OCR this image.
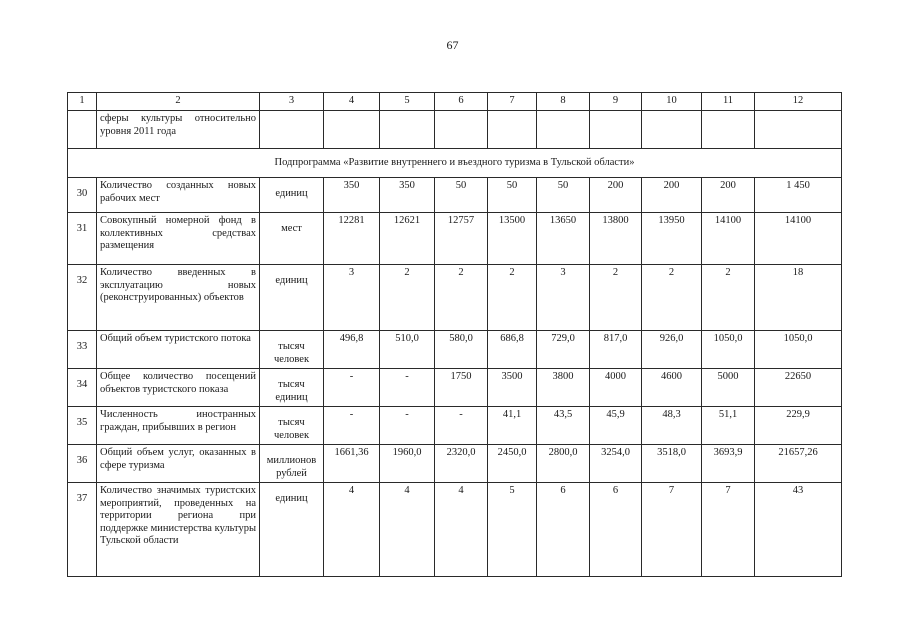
67
1	2	3	4	5	6	7	8	9	10	11	12
	сферы культуры относительно уровня 2011 года										
Подпрограмма «Развитие внутреннего и въездного туризма в Тульской области»											
30	Количество созданных новых рабочих мест	единиц	350	350	50	50	50	200	200	200	1 450
31	Совокупный номерной фонд в коллективных средствах размещения	мест	12281	12621	12757	13500	13650	13800	13950	14100	14100
32	Количество введенных в эксплуатацию новых (реконструированных) объектов	единиц	3	2	2	2	3	2	2	2	18
33	Общий объем туристского потока	тысяч человек	496,8	510,0	580,0	686,8	729,0	817,0	926,0	1050,0	1050,0
34	Общее количество посещений объектов туристского показа	тысяч единиц	-	-	1750	3500	3800	4000	4600	5000	22650
35	Численность иностранных граждан, прибывших в регион	тысяч человек	-	-	-	41,1	43,5	45,9	48,3	51,1	229,9
36	Общий объем услуг, оказанных в сфере туризма	миллионов рублей	1661,36	1960,0	2320,0	2450,0	2800,0	3254,0	3518,0	3693,9	21657,26
37	Количество значимых туристских мероприятий, проведенных на территории региона при поддержке министерства культуры Тульской области	единиц	4	4	4	5	6	6	7	7	43
